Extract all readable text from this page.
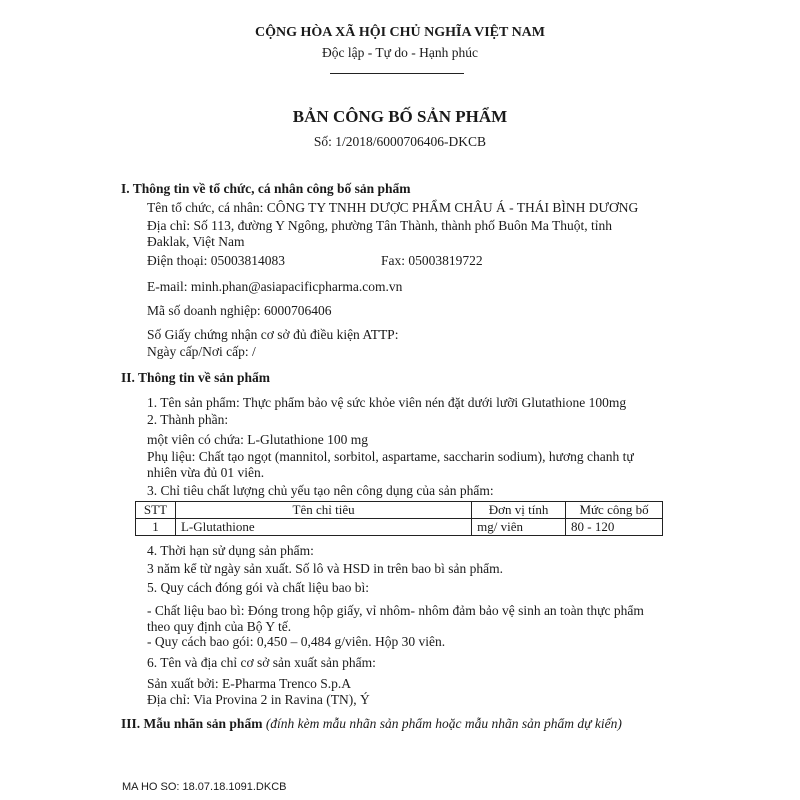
CỘNG HÒA XÃ HỘI CHỦ NGHĨA VIỆT NAM
Độc lập - Tự do - Hạnh phúc
BẢN CÔNG BỐ SẢN PHẨM
Số: 1/2018/6000706406-DKCB
I. Thông tin về tổ chức, cá nhân công bố sản phẩm
Tên tổ chức, cá nhân: CÔNG TY TNHH DƯỢC PHẨM CHÂU Á - THÁI BÌNH DƯƠNG
Địa chỉ: Số 113, đường Y Ngông, phường Tân Thành, thành phố Buôn Ma Thuột, tỉnh
Đaklak, Việt Nam
Điện thoại: 05003814083	Fax: 05003819722
E-mail: minh.phan@asiapacificpharma.com.vn
Mã số doanh nghiệp: 6000706406
Số Giấy chứng nhận cơ sở đủ điều kiện ATTP:
Ngày cấp/Nơi cấp: /
II. Thông tin về sản phẩm
1. Tên sản phẩm: Thực phẩm bảo vệ sức khỏe viên nén đặt dưới lưỡi Glutathione 100mg
2. Thành phần:
một viên có chứa: L-Glutathione 100 mg
Phụ liệu: Chất tạo ngọt (mannitol, sorbitol, aspartame, saccharin sodium), hương chanh tự
nhiên vừa đủ 01 viên.
3. Chỉ tiêu chất lượng chủ yếu tạo nên công dụng của sản phẩm:
STT	Tên chỉ tiêu	Đơn vị tính	Mức công bố
1	L-Glutathione	mg/ viên	80 - 120
4. Thời hạn sử dụng sản phẩm:
3 năm kể từ ngày sản xuất. Số lô và HSD in trên bao bì sản phẩm.
5. Quy cách đóng gói và chất liệu bao bì:
- Chất liệu bao bì: Đóng trong hộp giấy, vỉ nhôm- nhôm đảm bảo vệ sinh an toàn thực phẩm
theo quy định của Bộ Y tế.
- Quy cách bao gói: 0,450 – 0,484 g/viên. Hộp 30 viên.
6. Tên và địa chỉ cơ sở sản xuất sản phẩm:
Sản xuất bởi: E-Pharma Trenco S.p.A
Địa chỉ: Via Provina 2 in Ravina (TN), Ý
III. Mẫu nhãn sản phẩm (đính kèm mẫu nhãn sản phẩm hoặc mẫu nhãn sản phẩm dự kiến)
MA HO SO: 18.07.18.1091.DKCB
